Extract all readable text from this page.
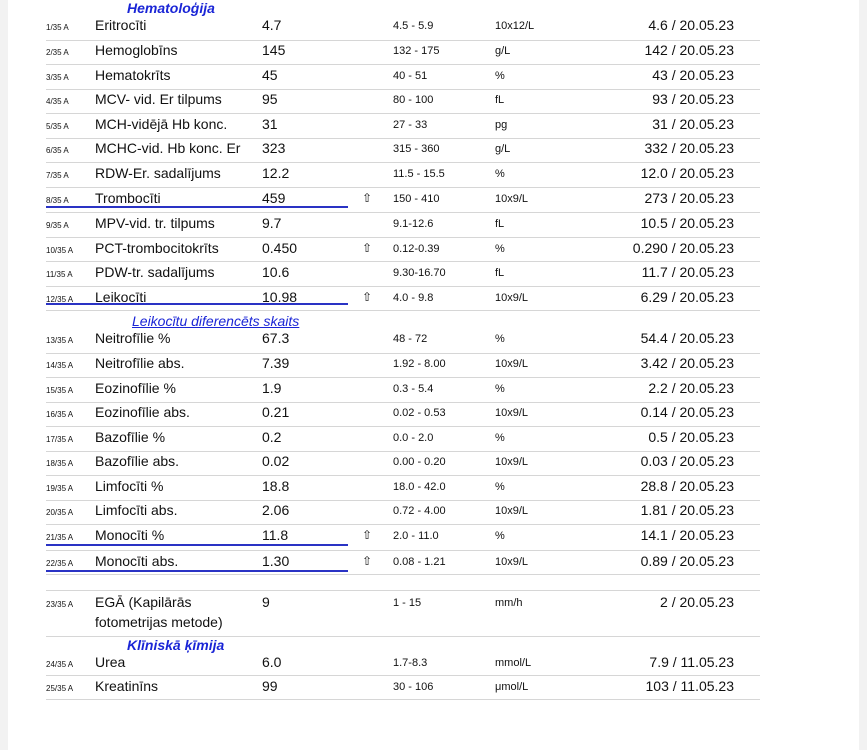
Hematoloģija
Leikocītu diferencēts skaits
Klīniskā ķīmija
1/35 A Eritrocīti	4.7	4.5 - 5.9	10x12/L	4.6 / 20.05.23
2/35 A Hemoglobīns	145	132 - 175	g/L	142 / 20.05.23
3/35 A Hematokrīts	45	40 - 51	%	43 / 20.05.23
4/35 A MCV- vid. Er tilpums	95	80 - 100	fL	93 / 20.05.23
5/35 A MCH-vidējā Hb konc. 31	27 - 33	pg	31 / 20.05.23
6/35 A MCHC-vid. Hb konc. Er 323	315 - 360	g/L	332 / 20.05.23
7/35 A RDW-Er. sadalījums	12.2	11.5 - 15.5	%	12.0 / 20.05.23
8/35 A Trombocīti	459	⇧ 150 - 410	10x9/L	273 / 20.05.23
9/35 A MPV-vid. tr. tilpums	9.7	9.1-12.6	fL	10.5 / 20.05.23
10/35 A PCT-trombocitokrīts	0.450	⇧ 0.12-0.39	%	0.290 / 20.05.23
11/35 A PDW-tr. sadalījums	10.6	9.30-16.70	fL	11.7 / 20.05.23
12/35 A Leikocīti	10.98	⇧ 4.0 - 9.8	10x9/L	6.29 / 20.05.23
13/35 A Neitrofīlie %	67.3	48 - 72	%	54.4 / 20.05.23
14/35 A Neitrofīlie abs.	7.39	1.92 - 8.00	10x9/L	3.42 / 20.05.23
15/35 A Eozinofīlie %	1.9	0.3 - 5.4	%	2.2 / 20.05.23
16/35 A Eozinofīlie abs.	0.21	0.02 - 0.53	10x9/L	0.14 / 20.05.23
17/35 A Bazofīlie %	0.2	0.0 - 2.0	%	0.5 / 20.05.23
18/35 A Bazofīlie abs.	0.02	0.00 - 0.20	10x9/L	0.03 / 20.05.23
19/35 A Limfocīti %	18.8	18.0 - 42.0	%	28.8 / 20.05.23
20/35 A Limfocīti abs.	2.06	0.72 - 4.00	10x9/L	1.81 / 20.05.23
21/35 A Monocīti %	11.8	⇧ 2.0 - 11.0	%	14.1 / 20.05.23
22/35 A Monocīti abs.	1.30	⇧ 0.08 - 1.21	10x9/L	0.89 / 20.05.23
23/35 A EGĀ (Kapilārās	9	1 - 15	mm/h	2 / 20.05.23
fotometrijas metode)
24/35 A Urea	6.0	1.7-8.3	mmol/L	7.9 / 11.05.23
25/35 A Kreatinīns	99	30 - 106	μmol/L	103 / 11.05.23
